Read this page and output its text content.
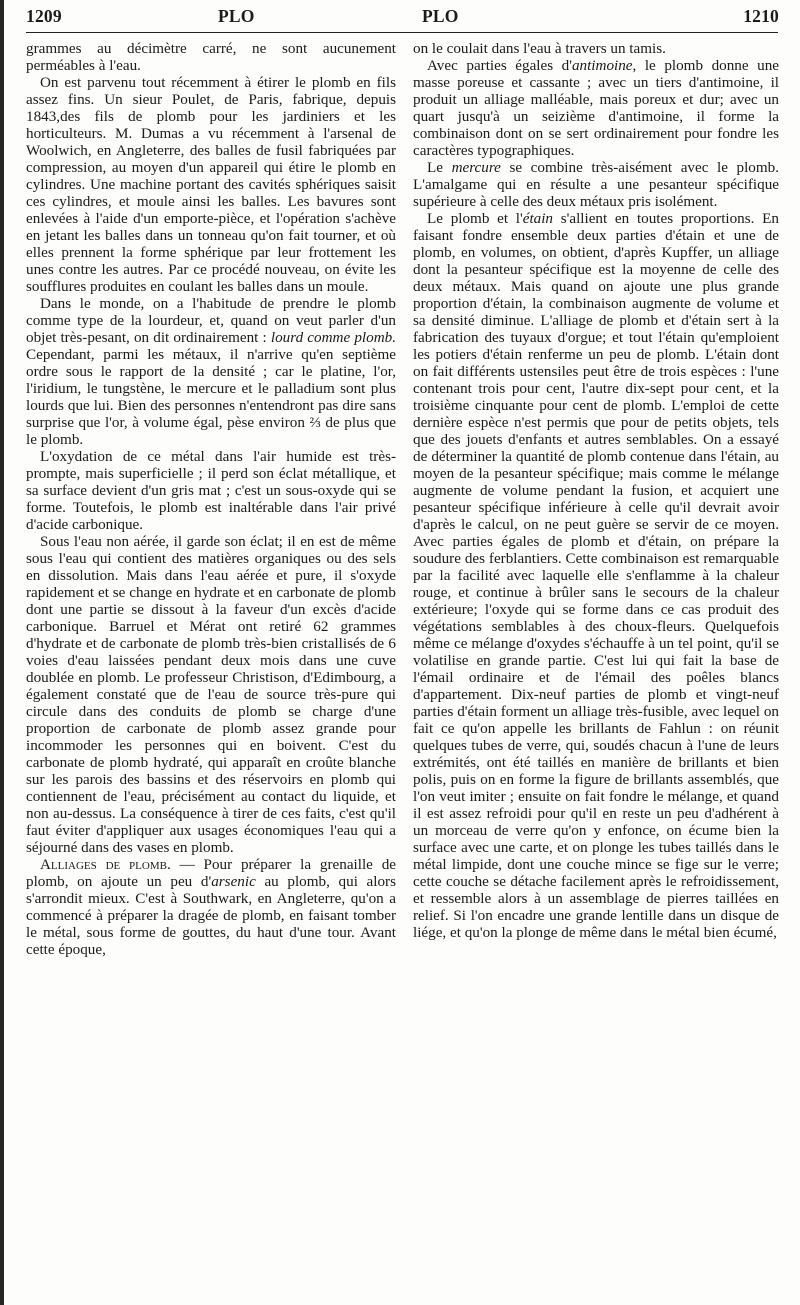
1209	PLO	PLO	1210

grammes au décimètre carré, ne sont aucunement perméables à l'eau.

On est parvenu tout récemment à étirer le plomb en fils assez fins. Un sieur Poulet, de Paris, fabrique, depuis 1843,des fils de plomb pour les jardiniers et les horticulteurs. M. Dumas a vu récemment à l'arsenal de Woolwich, en Angleterre, des balles de fusil fabriquées par compression, au moyen d'un appareil qui étire le plomb en cylindres. Une machine portant des cavités sphériques saisit ces cylindres, et moule ainsi les balles. Les bavures sont enlevées à l'aide d'un emporte-pièce, et l'opération s'achève en jetant les balles dans un tonneau qu'on fait tourner, et où elles prennent la forme sphérique par leur frottement les unes contre les autres. Par ce procédé nouveau, on évite les soufflures produites en coulant les balles dans un moule.

Dans le monde, on a l'habitude de prendre le plomb comme type de la lourdeur, et, quand on veut parler d'un objet très-pesant, on dit ordinairement : lourd comme plomb. Cependant, parmi les métaux, il n'arrive qu'en septième ordre sous le rapport de la densité ; car le platine, l'or, l'iridium, le tungstène, le mercure et le palladium sont plus lourds que lui. Bien des personnes n'entendront pas dire sans surprise que l'or, à volume égal, pèse environ ⅔ de plus que le plomb.

L'oxydation de ce métal dans l'air humide est très-prompte, mais superficielle ; il perd son éclat métallique, et sa surface devient d'un gris mat ; c'est un sous-oxyde qui se forme. Toutefois, le plomb est inaltérable dans l'air privé d'acide carbonique.

Sous l'eau non aérée, il garde son éclat; il en est de même sous l'eau qui contient des matières organiques ou des sels en dissolution. Mais dans l'eau aérée et pure, il s'oxyde rapidement et se change en hydrate et en carbonate de plomb dont une partie se dissout à la faveur d'un excès d'acide carbonique. Barruel et Mérat ont retiré 62 grammes d'hydrate et de carbonate de plomb très-bien cristallisés de 6 voies d'eau laissées pendant deux mois dans une cuve doublée en plomb. Le professeur Christison, d'Edimbourg, a également constaté que de l'eau de source très-pure qui circule dans des conduits de plomb se charge d'une proportion de carbonate de plomb assez grande pour incommoder les personnes qui en boivent. C'est du carbonate de plomb hydraté, qui apparaît en croûte blanche sur les parois des bassins et des réservoirs en plomb qui contiennent de l'eau, précisément au contact du liquide, et non au-dessus. La conséquence à tirer de ces faits, c'est qu'il faut éviter d'appliquer aux usages économiques l'eau qui a séjourné dans des vases en plomb.

Alliages de plomb. — Pour préparer la grenaille de plomb, on ajoute un peu d'arsenic au plomb, qui alors s'arrondit mieux. C'est à Southwark, en Angleterre, qu'on a commencé à préparer la dragée de plomb, en faisant tomber le métal, sous forme de gouttes, du haut d'une tour. Avant cette époque,

on le coulait dans l'eau à travers un tamis.

Avec parties égales d'antimoine, le plomb donne une masse poreuse et cassante ; avec un tiers d'antimoine, il produit un alliage malléable, mais poreux et dur; avec un quart jusqu'à un seizième d'antimoine, il forme la combinaison dont on se sert ordinairement pour fondre les caractères typographiques.

Le mercure se combine très-aisément avec le plomb. L'amalgame qui en résulte a une pesanteur spécifique supérieure à celle des deux métaux pris isolément.

Le plomb et l'étain s'allient en toutes proportions. En faisant fondre ensemble deux parties d'étain et une de plomb, en volumes, on obtient, d'après Kupffer, un alliage dont la pesanteur spécifique est la moyenne de celle des deux métaux. Mais quand on ajoute une plus grande proportion d'étain, la combinaison augmente de volume et sa densité diminue. L'alliage de plomb et d'étain sert à la fabrication des tuyaux d'orgue; et tout l'étain qu'emploient les potiers d'étain renferme un peu de plomb. L'étain dont on fait différents ustensiles peut être de trois espèces : l'une contenant trois pour cent, l'autre dix-sept pour cent, et la troisième cinquante pour cent de plomb. L'emploi de cette dernière espèce n'est permis que pour de petits objets, tels que des jouets d'enfants et autres semblables. On a essayé de déterminer la quantité de plomb contenue dans l'étain, au moyen de la pesanteur spécifique; mais comme le mélange augmente de volume pendant la fusion, et acquiert une pesanteur spécifique inférieure à celle qu'il devrait avoir d'après le calcul, on ne peut guère se servir de ce moyen. Avec parties égales de plomb et d'étain, on prépare la soudure des ferblantiers. Cette combinaison est remarquable par la facilité avec laquelle elle s'enflamme à la chaleur rouge, et continue à brûler sans le secours de la chaleur extérieure; l'oxyde qui se forme dans ce cas produit des végétations semblables à des choux-fleurs. Quelquefois même ce mélange d'oxydes s'échauffe à un tel point, qu'il se volatilise en grande partie. C'est lui qui fait la base de l'émail ordinaire et de l'émail des poêles blancs d'appartement. Dix-neuf parties de plomb et vingt-neuf parties d'étain forment un alliage très-fusible, avec lequel on fait ce qu'on appelle les brillants de Fahlun : on réunit quelques tubes de verre, qui, soudés chacun à l'une de leurs extrémités, ont été taillés en manière de brillants et bien polis, puis on en forme la figure de brillants assemblés, que l'on veut imiter ; ensuite on fait fondre le mélange, et quand il est assez refroidi pour qu'il en reste un peu d'adhérent à un morceau de verre qu'on y enfonce, on écume bien la surface avec une carte, et on plonge les tubes taillés dans le métal limpide, dont une couche mince se fige sur le verre; cette couche se détache facilement après le refroidissement, et ressemble alors à un assemblage de pierres taillées en relief. Si l'on encadre une grande lentille dans un disque de liége, et qu'on la plonge de même dans le métal bien écumé,
